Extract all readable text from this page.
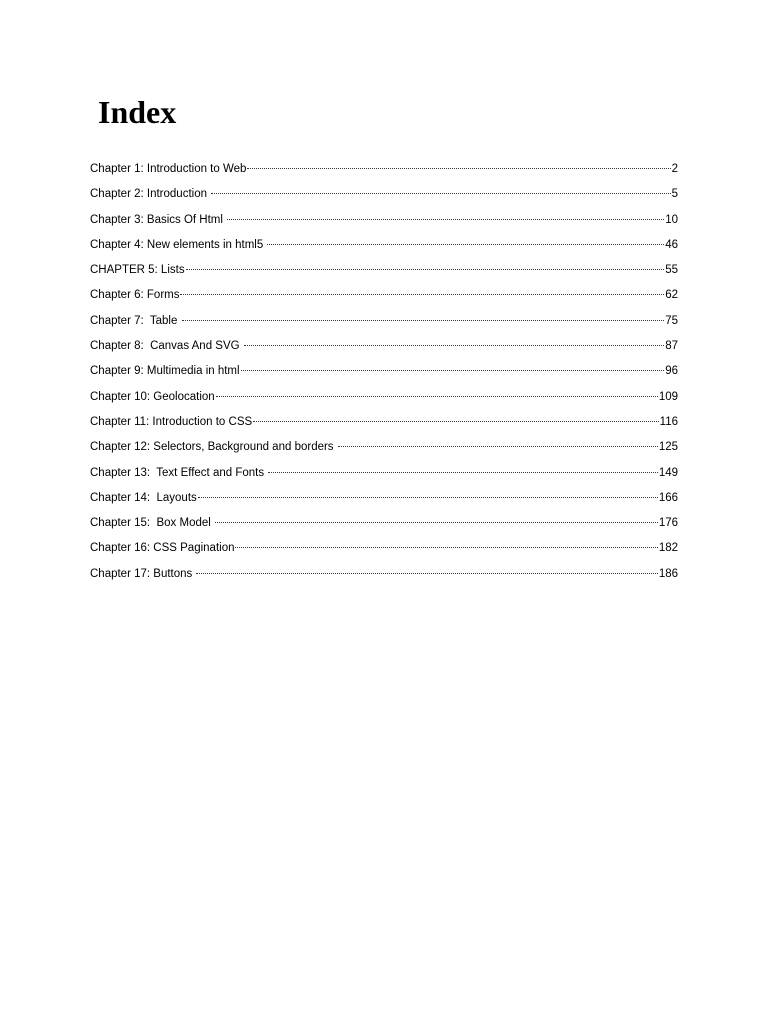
Index
Chapter 1: Introduction to Web	2
Chapter 2: Introduction	5
Chapter 3: Basics Of Html	10
Chapter 4: New elements in html5	46
CHAPTER 5: Lists	55
Chapter 6: Forms	62
Chapter 7:  Table	75
Chapter 8:  Canvas And SVG	87
Chapter 9: Multimedia in html	96
Chapter 10: Geolocation	109
Chapter 11: Introduction to CSS	116
Chapter 12: Selectors, Background and borders	125
Chapter 13:  Text Effect and Fonts	149
Chapter 14:  Layouts	166
Chapter 15:  Box Model	176
Chapter 16: CSS Pagination	182
Chapter 17: Buttons	186
